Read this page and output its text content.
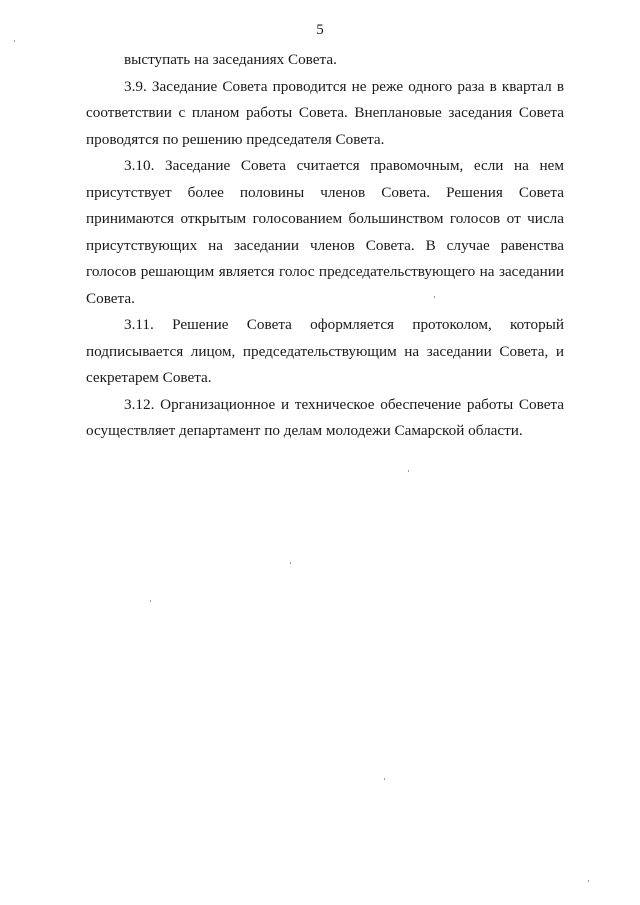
5

выступать на заседаниях Совета.

3.9. Заседание Совета проводится не реже одного раза в квартал в соответствии с планом работы Совета. Внеплановые заседания Совета проводятся по решению председателя Совета.

3.10. Заседание Совета считается правомочным, если на нем присутствует более половины членов Совета. Решения Совета принимаются открытым голосованием большинством голосов от числа присутствующих на заседании членов Совета. В случае равенства голосов решающим является голос председательствующего на заседании Совета.

3.11. Решение Совета оформляется протоколом, который подписывается лицом, председательствующим на заседании Совета, и секретарем Совета.

3.12. Организационное и техническое обеспечение работы Совета осуществляет департамент по делам молодежи Самарской области.
